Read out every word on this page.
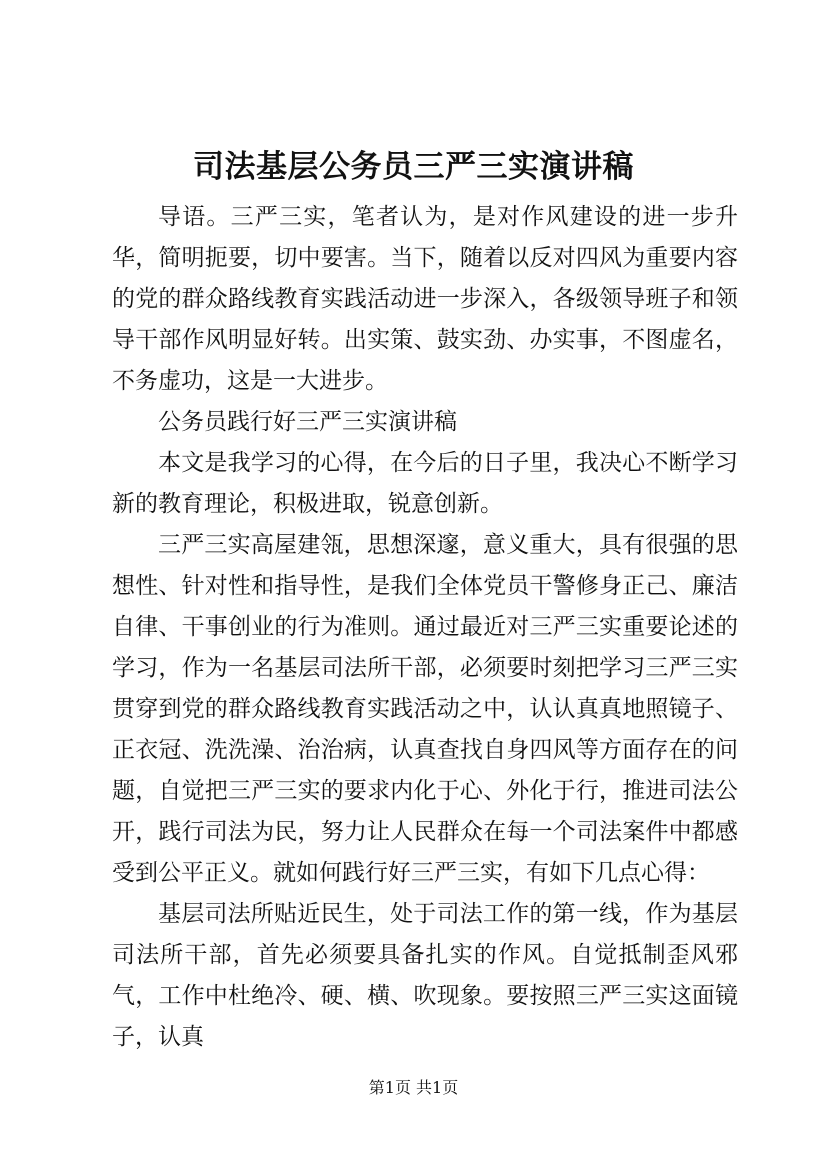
司法基层公务员三严三实演讲稿

导语。三严三实，笔者认为，是对作风建设的进一步升华，简明扼要，切中要害。当下，随着以反对四风为重要内容的党的群众路线教育实践活动进一步深入，各级领导班子和领导干部作风明显好转。出实策、鼓实劲、办实事，不图虚名，不务虚功，这是一大进步。

公务员践行好三严三实演讲稿

本文是我学习的心得，在今后的日子里，我决心不断学习新的教育理论，积极进取，锐意创新。

三严三实高屋建瓴，思想深邃，意义重大，具有很强的思想性、针对性和指导性，是我们全体党员干警修身正己、廉洁自律、干事创业的行为准则。通过最近对三严三实重要论述的学习，作为一名基层司法所干部，必须要时刻把学习三严三实贯穿到党的群众路线教育实践活动之中，认认真真地照镜子、正衣冠、洗洗澡、治治病，认真查找自身四风等方面存在的问题，自觉把三严三实的要求内化于心、外化于行，推进司法公开，践行司法为民，努力让人民群众在每一个司法案件中都感受到公平正义。就如何践行好三严三实，有如下几点心得：

基层司法所贴近民生，处于司法工作的第一线，作为基层司法所干部，首先必须要具备扎实的作风。自觉抵制歪风邪气，工作中杜绝冷、硬、横、吹现象。要按照三严三实这面镜子，认真

第1页 共1页
